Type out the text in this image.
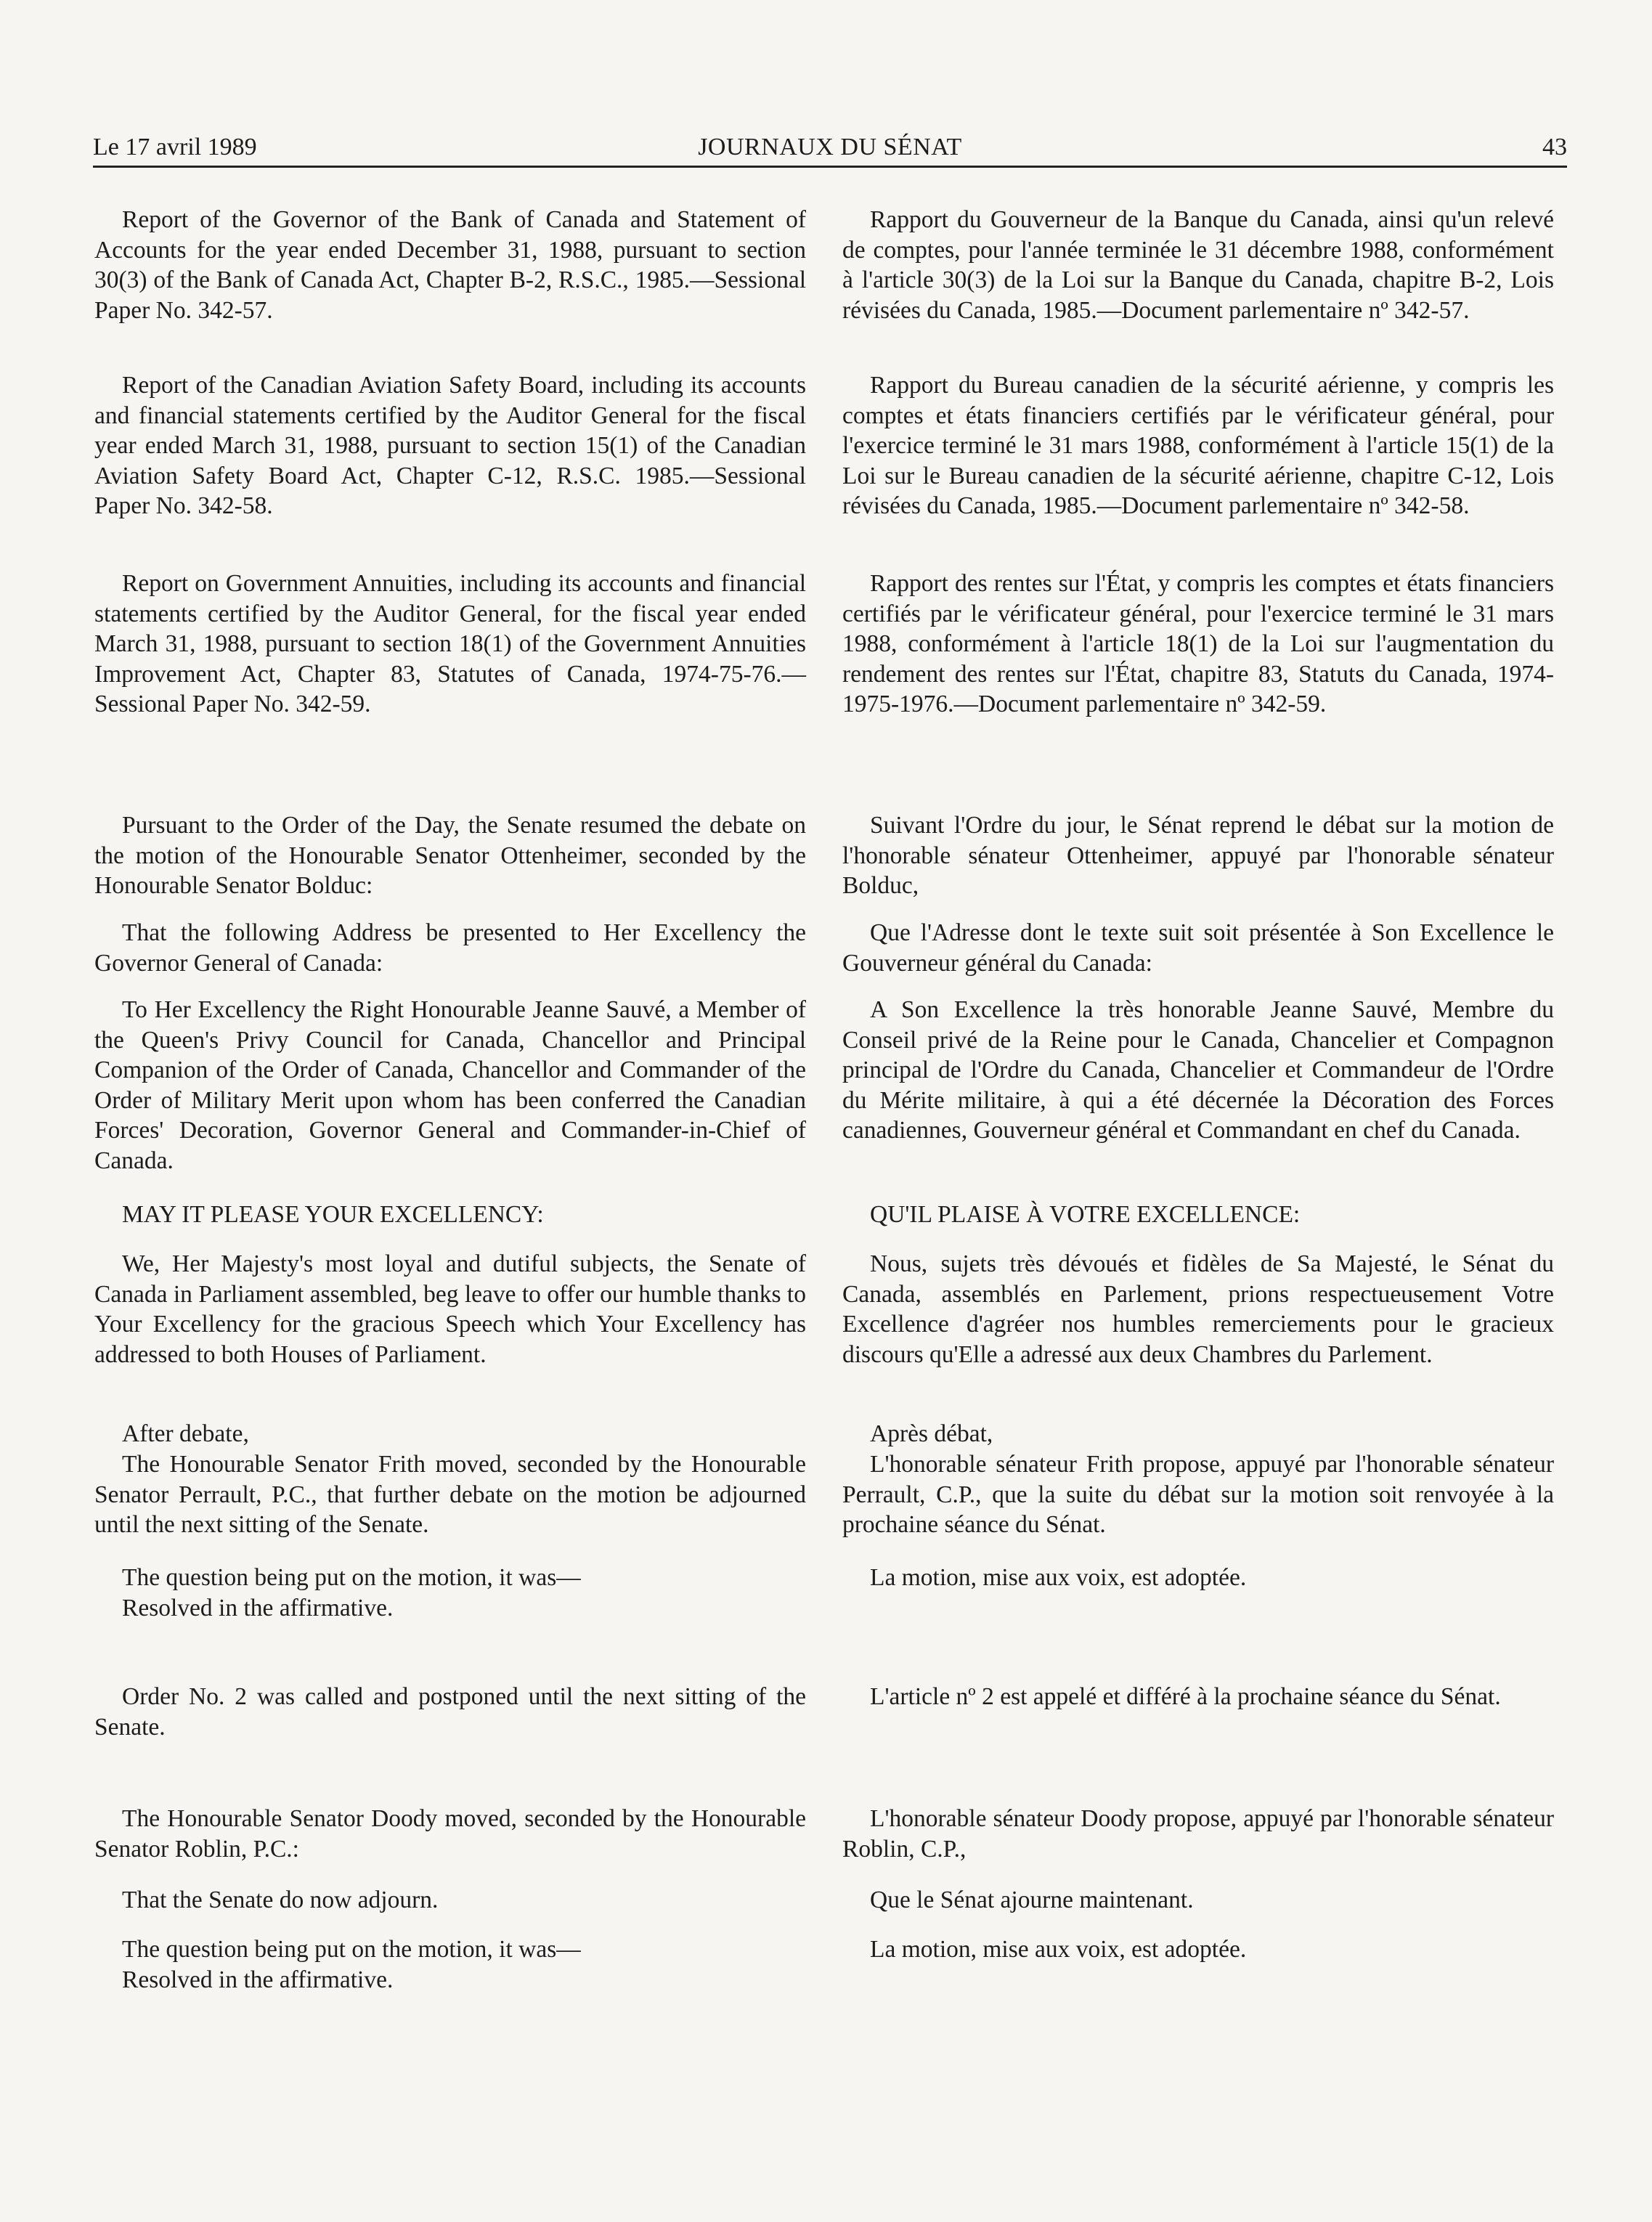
Le 17 avril 1989	JOURNAUX DU SÉNAT	43

Report of the Governor of the Bank of Canada and Statement of Accounts for the year ended December 31, 1988, pursuant to section 30(3) of the Bank of Canada Act, Chapter B-2, R.S.C., 1985.—Sessional Paper No. 342-57.

Report of the Canadian Aviation Safety Board, including its accounts and financial statements certified by the Auditor General for the fiscal year ended March 31, 1988, pursuant to section 15(1) of the Canadian Aviation Safety Board Act, Chapter C-12, R.S.C. 1985.—Sessional Paper No. 342-58.

Report on Government Annuities, including its accounts and financial statements certified by the Auditor General, for the fiscal year ended March 31, 1988, pursuant to section 18(1) of the Government Annuities Improvement Act, Chapter 83, Statutes of Canada, 1974-75-76.—Sessional Paper No. 342-59.

Pursuant to the Order of the Day, the Senate resumed the debate on the motion of the Honourable Senator Ottenheimer, seconded by the Honourable Senator Bolduc:

That the following Address be presented to Her Excellency the Governor General of Canada:

To Her Excellency the Right Honourable Jeanne Sauvé, a Member of the Queen's Privy Council for Canada, Chancellor and Principal Companion of the Order of Canada, Chancellor and Commander of the Order of Military Merit upon whom has been conferred the Canadian Forces' Decoration, Governor General and Commander-in-Chief of Canada.

MAY IT PLEASE YOUR EXCELLENCY:

We, Her Majesty's most loyal and dutiful subjects, the Senate of Canada in Parliament assembled, beg leave to offer our humble thanks to Your Excellency for the gracious Speech which Your Excellency has addressed to both Houses of Parliament.

After debate,

The Honourable Senator Frith moved, seconded by the Honourable Senator Perrault, P.C., that further debate on the motion be adjourned until the next sitting of the Senate.

The question being put on the motion, it was—

Resolved in the affirmative.

Order No. 2 was called and postponed until the next sitting of the Senate.

The Honourable Senator Doody moved, seconded by the Honourable Senator Roblin, P.C.:

That the Senate do now adjourn.

The question being put on the motion, it was—

Resolved in the affirmative.

Rapport du Gouverneur de la Banque du Canada, ainsi qu'un relevé de comptes, pour l'année terminée le 31 décembre 1988, conformément à l'article 30(3) de la Loi sur la Banque du Canada, chapitre B-2, Lois révisées du Canada, 1985.—Document parlementaire nº 342-57.

Rapport du Bureau canadien de la sécurité aérienne, y compris les comptes et états financiers certifiés par le vérificateur général, pour l'exercice terminé le 31 mars 1988, conformément à l'article 15(1) de la Loi sur le Bureau canadien de la sécurité aérienne, chapitre C-12, Lois révisées du Canada, 1985.—Document parlementaire nº 342-58.

Rapport des rentes sur l'État, y compris les comptes et états financiers certifiés par le vérificateur général, pour l'exercice terminé le 31 mars 1988, conformément à l'article 18(1) de la Loi sur l'augmentation du rendement des rentes sur l'État, chapitre 83, Statuts du Canada, 1974-1975-1976.—Document parlementaire nº 342-59.

Suivant l'Ordre du jour, le Sénat reprend le débat sur la motion de l'honorable sénateur Ottenheimer, appuyé par l'honorable sénateur Bolduc,

Que l'Adresse dont le texte suit soit présentée à Son Excellence le Gouverneur général du Canada:

A Son Excellence la très honorable Jeanne Sauvé, Membre du Conseil privé de la Reine pour le Canada, Chancelier et Compagnon principal de l'Ordre du Canada, Chancelier et Commandeur de l'Ordre du Mérite militaire, à qui a été décernée la Décoration des Forces canadiennes, Gouverneur général et Commandant en chef du Canada.

QU'IL PLAISE À VOTRE EXCELLENCE:

Nous, sujets très dévoués et fidèles de Sa Majesté, le Sénat du Canada, assemblés en Parlement, prions respectueusement Votre Excellence d'agréer nos humbles remerciements pour le gracieux discours qu'Elle a adressé aux deux Chambres du Parlement.

Après débat,

L'honorable sénateur Frith propose, appuyé par l'honorable sénateur Perrault, C.P., que la suite du débat sur la motion soit renvoyée à la prochaine séance du Sénat.

La motion, mise aux voix, est adoptée.

L'article nº 2 est appelé et différé à la prochaine séance du Sénat.

L'honorable sénateur Doody propose, appuyé par l'honorable sénateur Roblin, C.P.,

Que le Sénat ajourne maintenant.

La motion, mise aux voix, est adoptée.
